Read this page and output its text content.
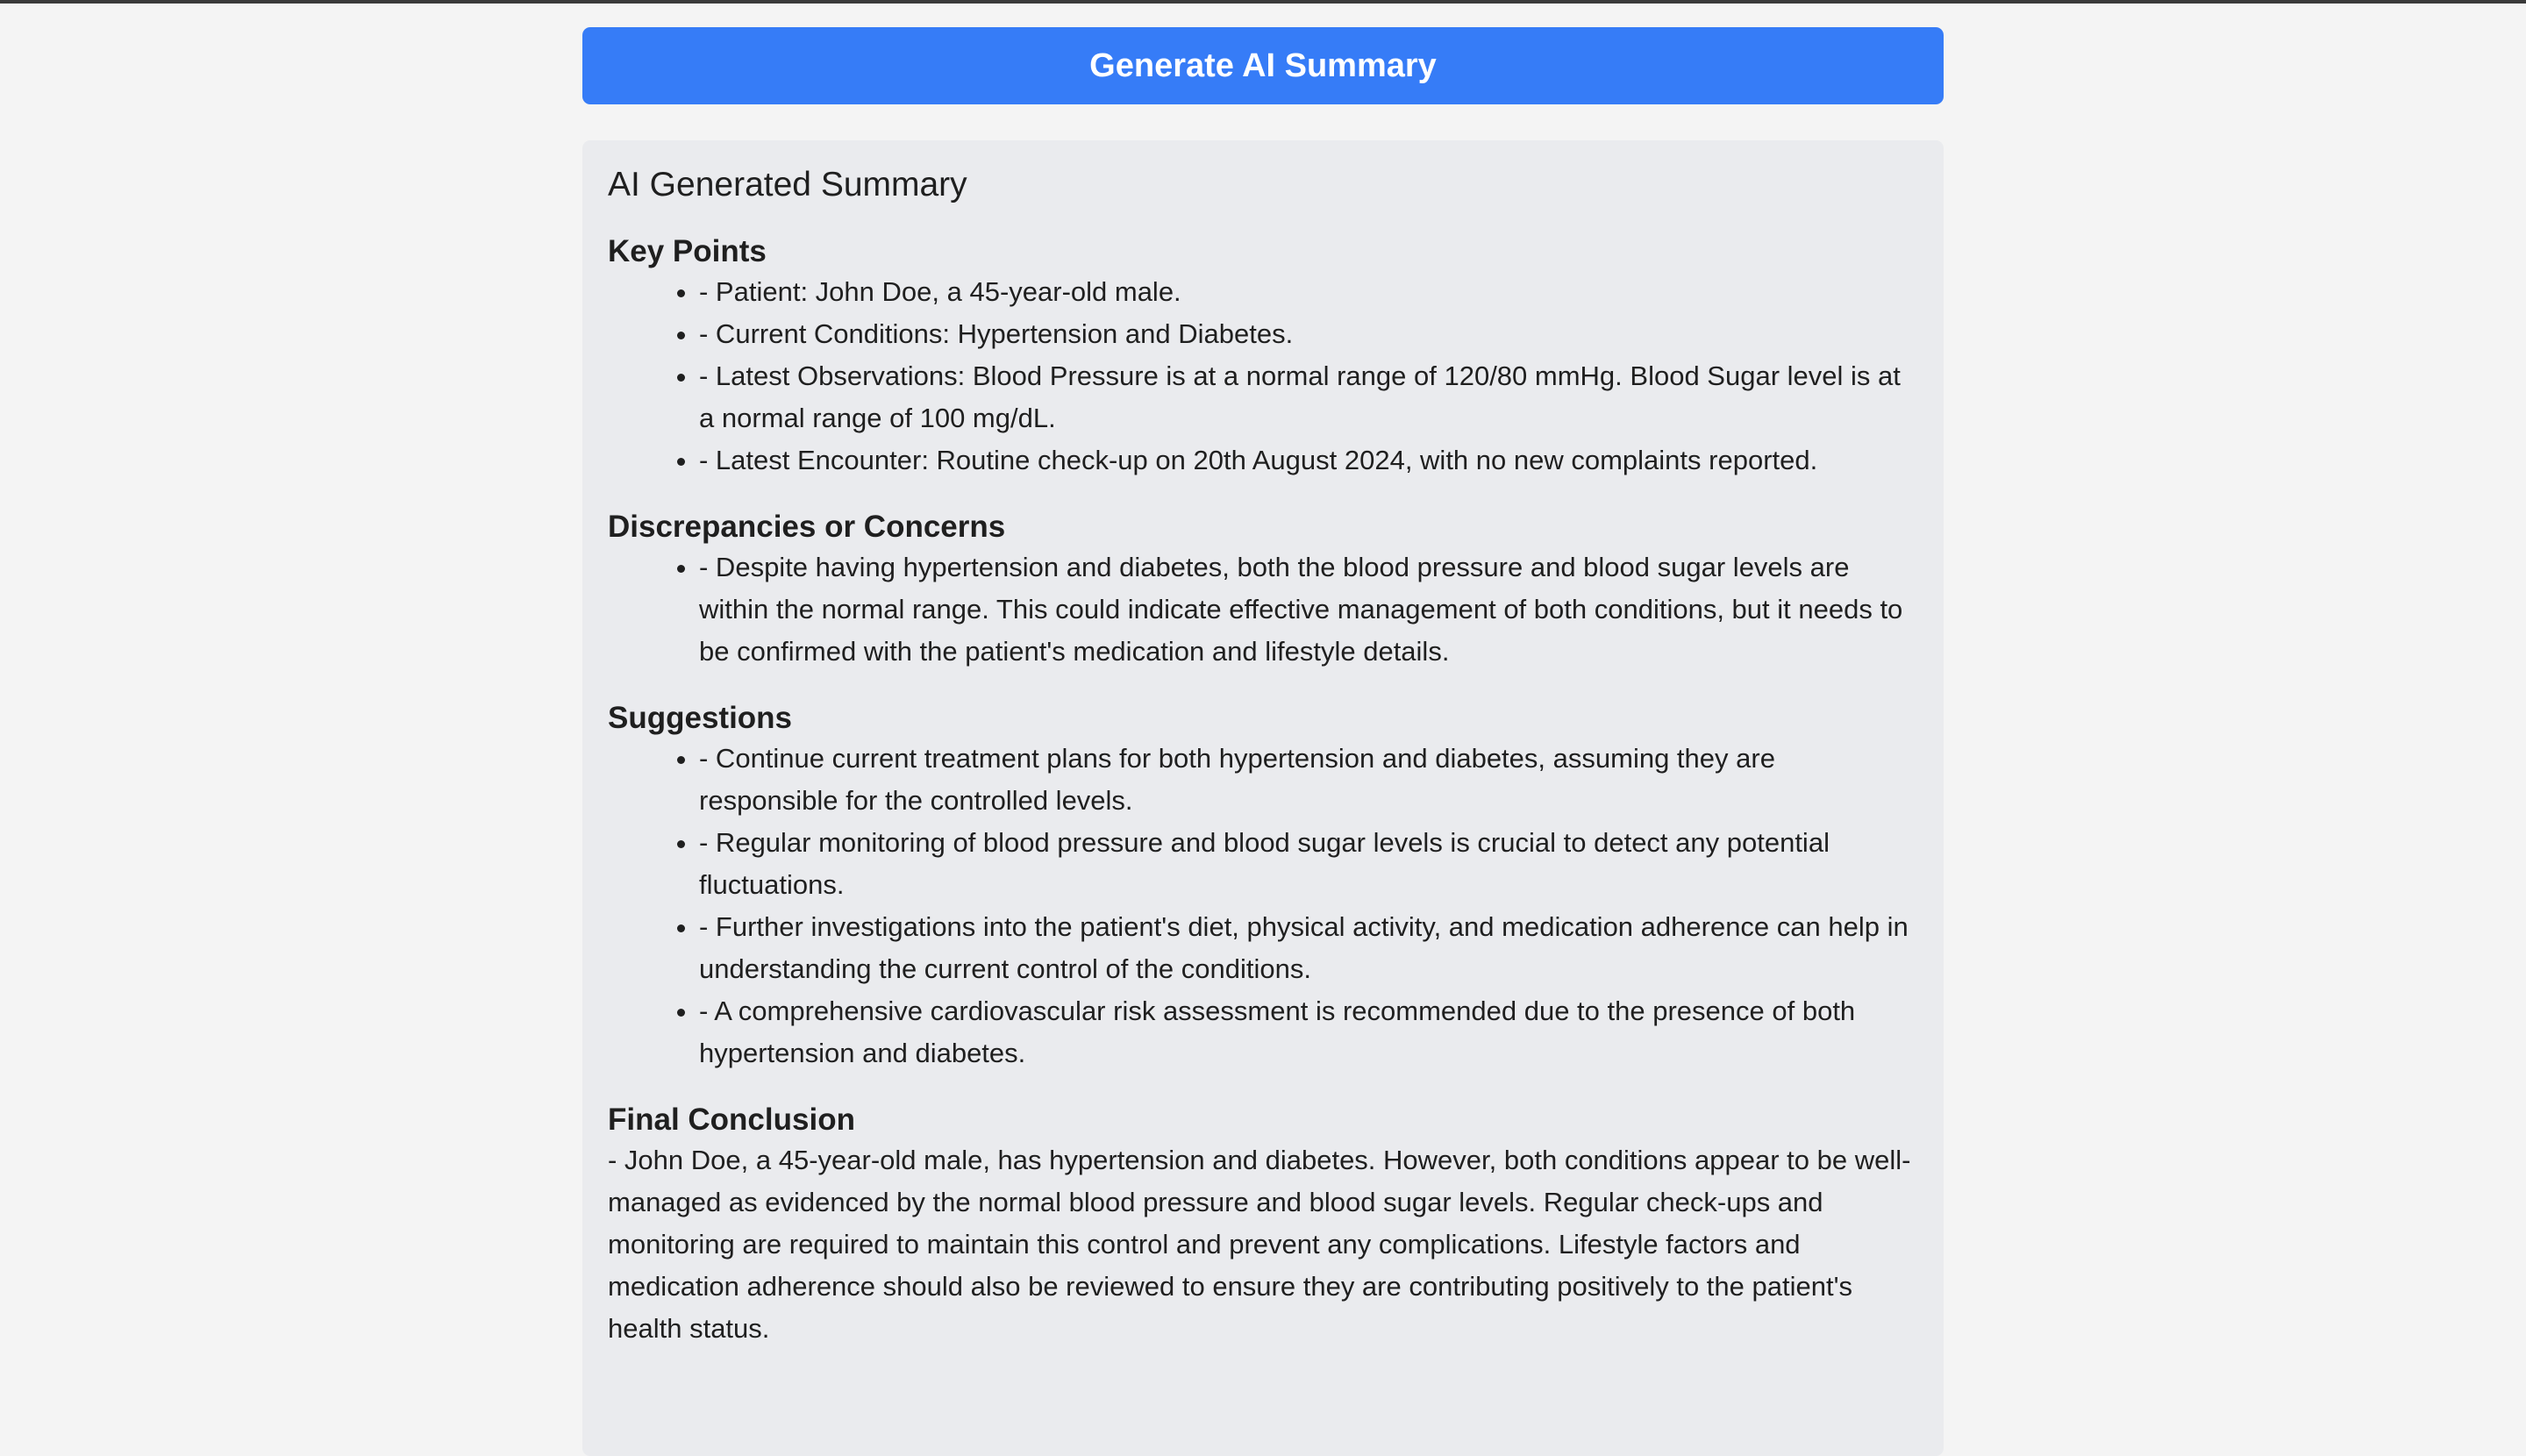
Generate AI Summary
AI Generated Summary
Key Points
• - Patient: John Doe, a 45-year-old male.
• - Current Conditions: Hypertension and Diabetes.
• - Latest Observations: Blood Pressure is at a normal range of 120/80 mmHg. Blood Sugar level is at a normal range of 100 mg/dL.
• - Latest Encounter: Routine check-up on 20th August 2024, with no new complaints reported.
Discrepancies or Concerns
• - Despite having hypertension and diabetes, both the blood pressure and blood sugar levels are within the normal range. This could indicate effective management of both conditions, but it needs to be confirmed with the patient's medication and lifestyle details.
Suggestions
• - Continue current treatment plans for both hypertension and diabetes, assuming they are responsible for the controlled levels.
• - Regular monitoring of blood pressure and blood sugar levels is crucial to detect any potential fluctuations.
• - Further investigations into the patient's diet, physical activity, and medication adherence can help in understanding the current control of the conditions.
• - A comprehensive cardiovascular risk assessment is recommended due to the presence of both hypertension and diabetes.
Final Conclusion

- John Doe, a 45-year-old male, has hypertension and diabetes. However, both conditions appear to be well-managed as evidenced by the normal blood pressure and blood sugar levels. Regular check-ups and monitoring are required to maintain this control and prevent any complications. Lifestyle factors and medication adherence should also be reviewed to ensure they are contributing positively to the patient's health status.
